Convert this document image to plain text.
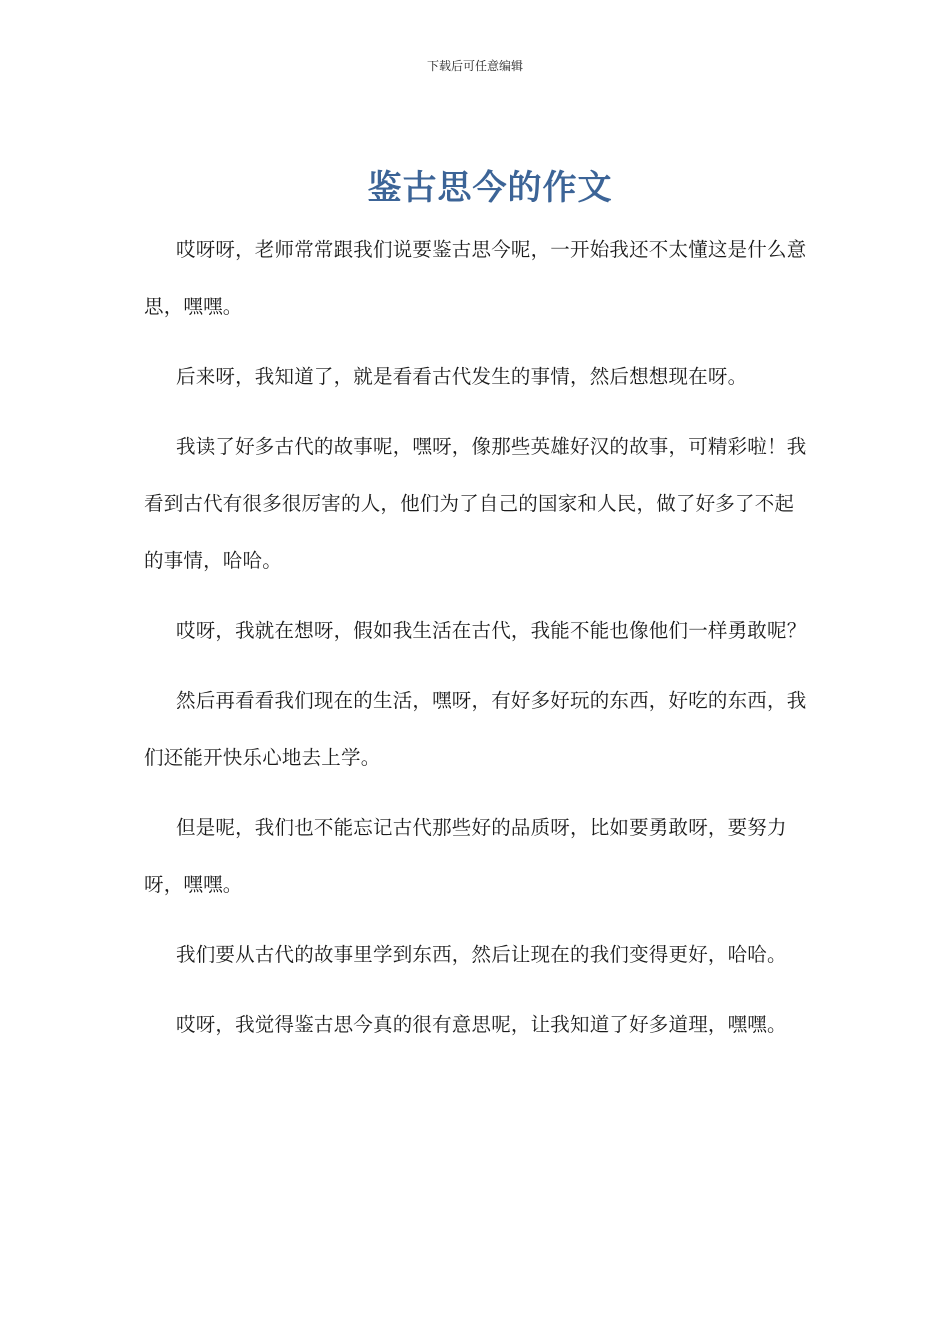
下载后可任意编辑
鉴古思今的作文

哎呀呀，老师常常跟我们说要鉴古思今呢，一开始我还不太懂这是什么意思，嘿嘿。

后来呀，我知道了，就是看看古代发生的事情，然后想想现在呀。

我读了好多古代的故事呢，嘿呀，像那些英雄好汉的故事，可精彩啦！我看到古代有很多很厉害的人，他们为了自己的国家和人民，做了好多了不起的事情，哈哈。

哎呀，我就在想呀，假如我生活在古代，我能不能也像他们一样勇敢呢？

然后再看看我们现在的生活，嘿呀，有好多好玩的东西，好吃的东西，我们还能开快乐心地去上学。

但是呢，我们也不能忘记古代那些好的品质呀，比如要勇敢呀，要努力呀，嘿嘿。

我们要从古代的故事里学到东西，然后让现在的我们变得更好，哈哈。

哎呀，我觉得鉴古思今真的很有意思呢，让我知道了好多道理，嘿嘿。
